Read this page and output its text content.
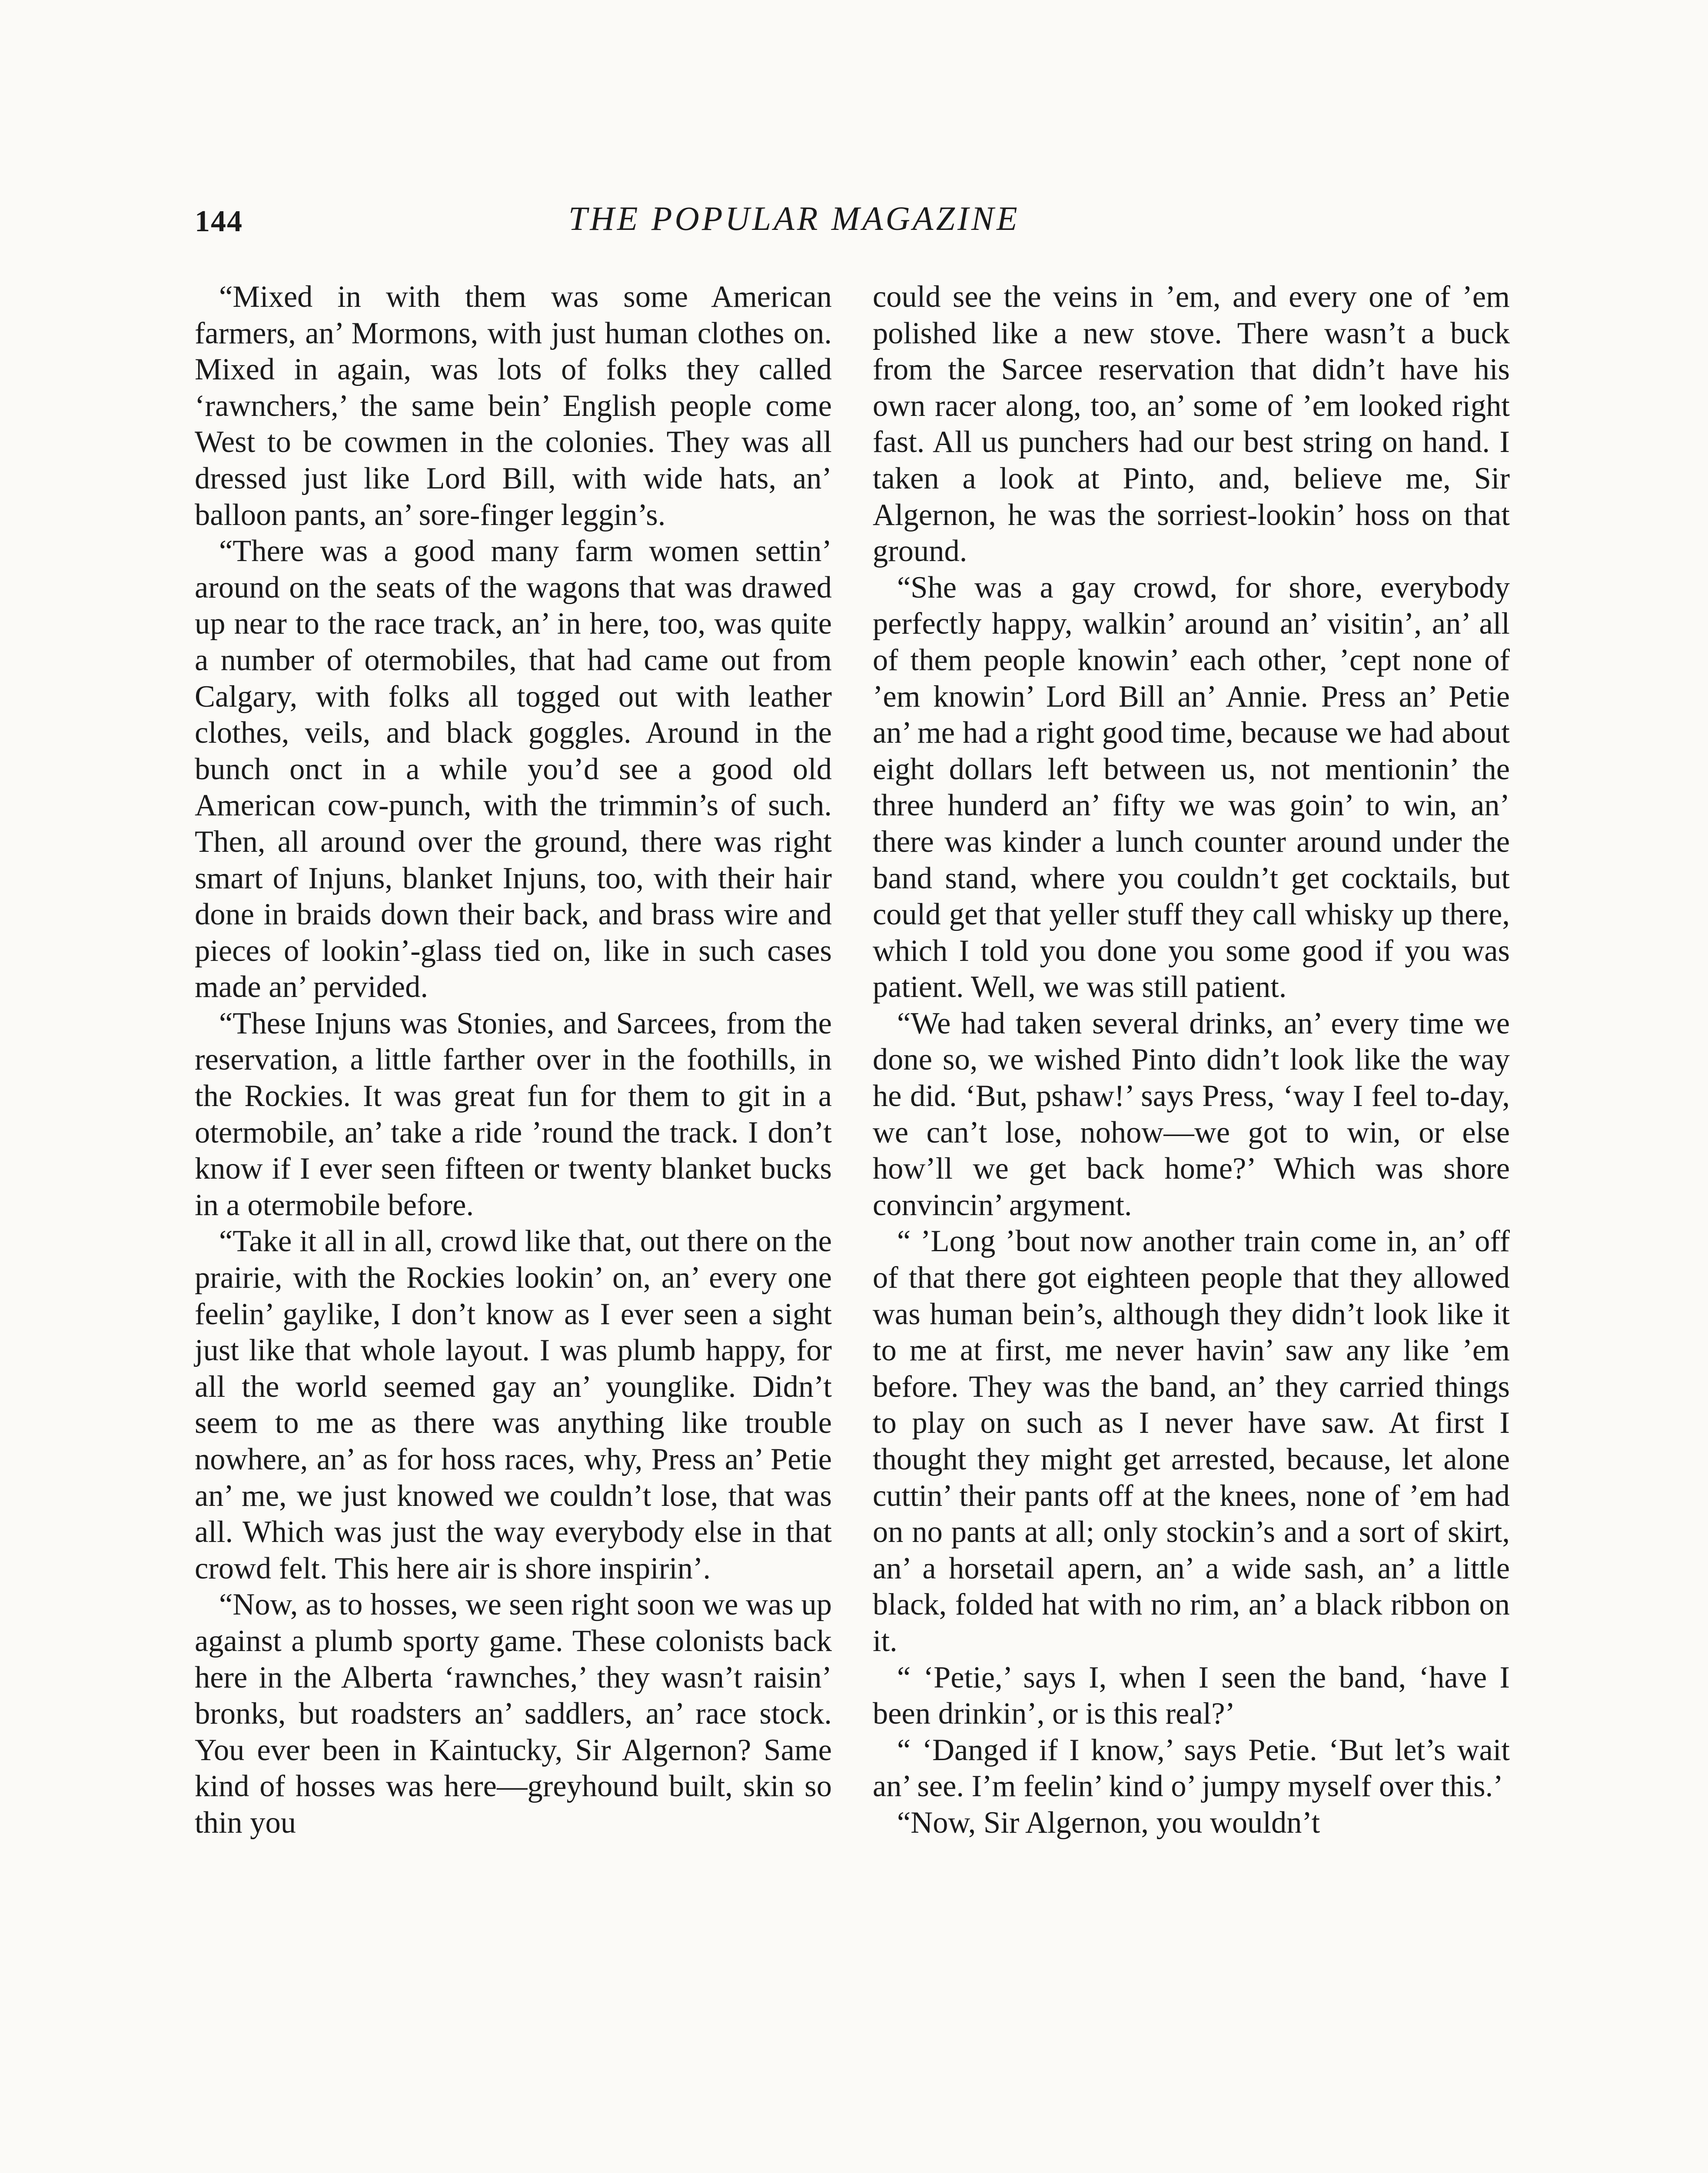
144	THE POPULAR MAGAZINE

“Mixed in with them was some American farmers, an’ Mormons, with just human clothes on. Mixed in again, was lots of folks they called ‘rawnchers,’ the same bein’ English people come West to be cowmen in the colonies. They was all dressed just like Lord Bill, with wide hats, an’ balloon pants, an’ sore-finger leggin’s.

“There was a good many farm women settin’ around on the seats of the wagons that was drawed up near to the race track, an’ in here, too, was quite a number of otermobiles, that had came out from Calgary, with folks all togged out with leather clothes, veils, and black goggles. Around in the bunch onct in a while you’d see a good old American cow-punch, with the trimmin’s of such. Then, all around over the ground, there was right smart of Injuns, blanket Injuns, too, with their hair done in braids down their back, and brass wire and pieces of lookin’-glass tied on, like in such cases made an’ pervided.

“These Injuns was Stonies, and Sarcees, from the reservation, a little farther over in the foothills, in the Rockies. It was great fun for them to git in a otermobile, an’ take a ride ’round the track. I don’t know if I ever seen fifteen or twenty blanket bucks in a otermobile before.

“Take it all in all, crowd like that, out there on the prairie, with the Rockies lookin’ on, an’ every one feelin’ gaylike, I don’t know as I ever seen a sight just like that whole layout. I was plumb happy, for all the world seemed gay an’ younglike. Didn’t seem to me as there was anything like trouble nowhere, an’ as for hoss races, why, Press an’ Petie an’ me, we just knowed we couldn’t lose, that was all. Which was just the way everybody else in that crowd felt. This here air is shore inspirin’.

“Now, as to hosses, we seen right soon we was up against a plumb sporty game. These colonists back here in the Alberta ‘rawnches,’ they wasn’t raisin’ bronks, but roadsters an’ saddlers, an’ race stock. You ever been in Kaintucky, Sir Algernon? Same kind of hosses was here—greyhound built, skin so thin you

could see the veins in ’em, and every one of ’em polished like a new stove. There wasn’t a buck from the Sarcee reservation that didn’t have his own racer along, too, an’ some of ’em looked right fast. All us punchers had our best string on hand. I taken a look at Pinto, and, believe me, Sir Algernon, he was the sorriest-lookin’ hoss on that ground.

“She was a gay crowd, for shore, everybody perfectly happy, walkin’ around an’ visitin’, an’ all of them people knowin’ each other, ’cept none of ’em knowin’ Lord Bill an’ Annie. Press an’ Petie an’ me had a right good time, because we had about eight dollars left between us, not mentionin’ the three hunderd an’ fifty we was goin’ to win, an’ there was kinder a lunch counter around under the band stand, where you couldn’t get cocktails, but could get that yeller stuff they call whisky up there, which I told you done you some good if you was patient. Well, we was still patient.

“We had taken several drinks, an’ every time we done so, we wished Pinto didn’t look like the way he did. ‘But, pshaw!’ says Press, ‘way I feel to-day, we can’t lose, nohow—we got to win, or else how’ll we get back home?’ Which was shore convincin’ argyment.

“ ’Long ’bout now another train come in, an’ off of that there got eighteen people that they allowed was human bein’s, although they didn’t look like it to me at first, me never havin’ saw any like ’em before. They was the band, an’ they carried things to play on such as I never have saw. At first I thought they might get arrested, because, let alone cuttin’ their pants off at the knees, none of ’em had on no pants at all; only stockin’s and a sort of skirt, an’ a horsetail apern, an’ a wide sash, an’ a little black, folded hat with no rim, an’ a black ribbon on it.

“ ‘Petie,’ says I, when I seen the band, ‘have I been drinkin’, or is this real?’

“ ‘Danged if I know,’ says Petie. ‘But let’s wait an’ see. I’m feelin’ kind o’ jumpy myself over this.’

“Now, Sir Algernon, you wouldn’t
